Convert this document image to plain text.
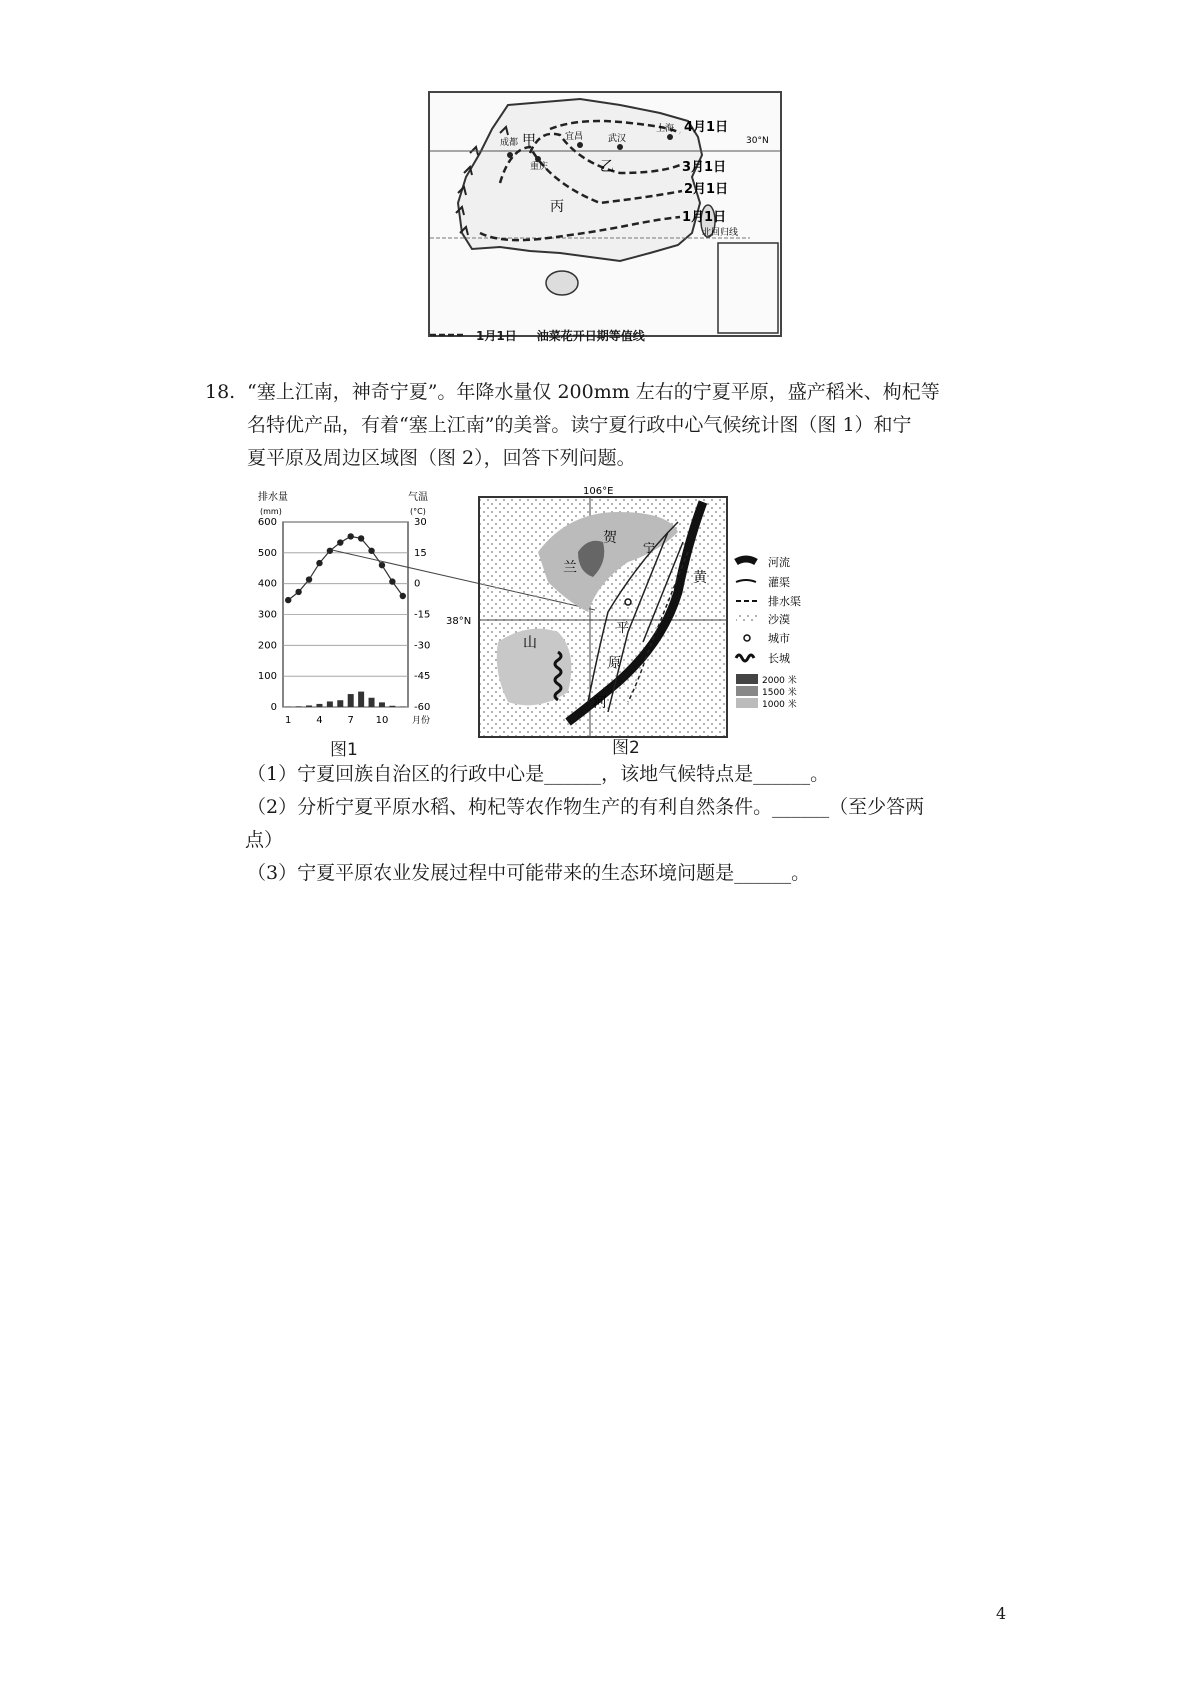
宜昌	武汉
上海
重庆
成都 甲
乙
丙
4月1日
3月1日
2月1日
1月1日
30°N
北回归线
1月1日 油菜花开日期等值线
18. “塞上江南，神奇宁夏”。年降水量仅 200mm 左右的宁夏平原，盛产稻米、枸杞等
名特优产品，有着“塞上江南”的美誉。读宁夏行政中心气候统计图（图 1）和宁
夏平原及周边区域图（图 2），回答下列问题。
排水量
(mm)
气温
(°C)
0
100
200
300
400
500
600	30
15
0
-15
-30
-45
-60
1 4 7 10	月份
图1
106°E
38°N
贺
兰
黄
山
平
原
河
宁
河流
灌渠
排水渠
沙漠
城市
长城
2000 米
1500 米
1000 米
图2
（1）宁夏回族自治区的行政中心是______，该地气候特点是______。
（2）分析宁夏平原水稻、枸杞等农作物生产的有利自然条件。______（至少答两
点）
（3）宁夏平原农业发展过程中可能带来的生态环境问题是______。
4
